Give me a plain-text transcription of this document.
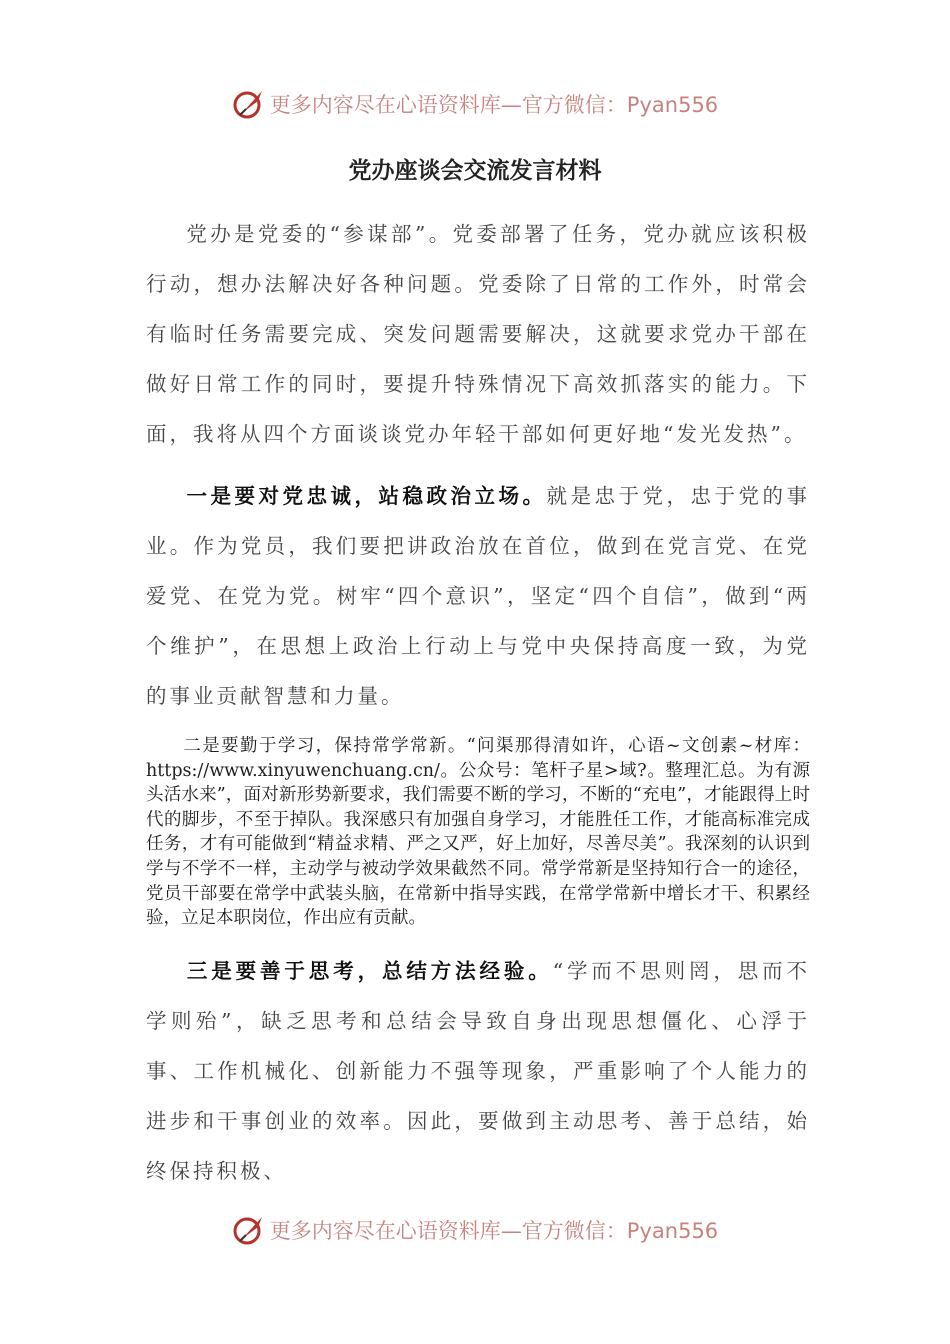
更多内容尽在心语资料库—官方微信：Pyan556
党办座谈会交流发言材料
党办是党委的“参谋部”。党委部署了任务，党办就应该积极行动，想办法解决好各种问题。党委除了日常的工作外，时常会有临时任务需要完成、突发问题需要解决，这就要求党办干部在做好日常工作的同时，要提升特殊情况下高效抓落实的能力。下面，我将从四个方面谈谈党办年轻干部如何更好地“发光发热”。
一是要对党忠诚，站稳政治立场。就是忠于党，忠于党的事业。作为党员，我们要把讲政治放在首位，做到在党言党、在党爱党、在党为党。树牢“四个意识”，坚定“四个自信”，做到“两个维护”，在思想上政治上行动上与党中央保持高度一致，为党的事业贡献智慧和力量。
二是要勤于学习，保持常学常新。“问渠那得清如许，心语~文创素~材库：https://www.xinyuwenchuang.cn/。公众号：笔杆子星>域?。整理汇总。为有源头活水来”，面对新形势新要求，我们需要不断的学习，不断的“充电”，才能跟得上时代的脚步，不至于掉队。我深感只有加强自身学习，才能胜任工作，才能高标准完成任务，才有可能做到“精益求精、严之又严，好上加好，尽善尽美”。我深刻的认识到学与不学不一样，主动学与被动学效果截然不同。常学常新是坚持知行合一的途径，党员干部要在常学中武装头脑，在常新中指导实践，在常学常新中增长才干、积累经验，立足本职岗位，作出应有贡献。
三是要善于思考，总结方法经验。“学而不思则罔，思而不学则殆”，缺乏思考和总结会导致自身出现思想僵化、心浮于事、工作机械化、创新能力不强等现象，严重影响了个人能力的进步和干事创业的效率。因此，要做到主动思考、善于总结，始终保持积极、
更多内容尽在心语资料库—官方微信：Pyan556
